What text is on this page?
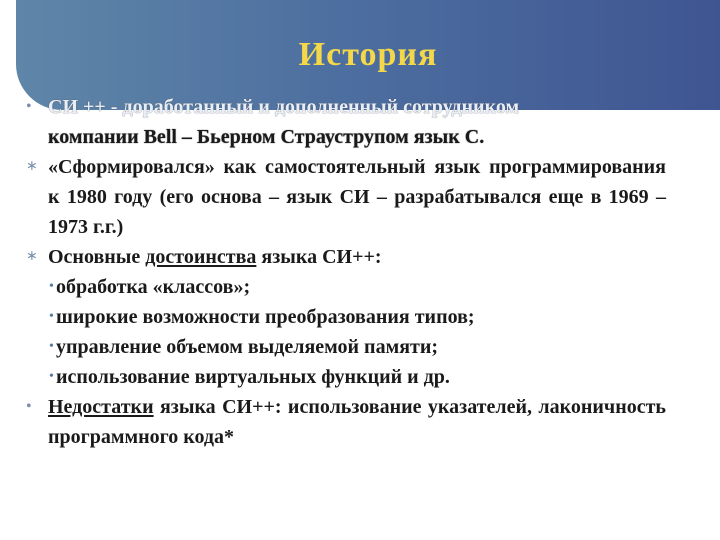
История
• СИ ++ - доработанный и дополненный сотрудником
компании Bell – Бьерном Страуструпом язык С.
∗ «Сформировался» как самостоятельный язык программирования к 1980 году (его основа – язык СИ – разрабатывался еще в 1969 – 1973 г.г.)
∗ Основные достоинства языка СИ++:
• обработка «классов»;
• широкие возможности преобразования типов;
• управление объемом выделяемой памяти;
• использование виртуальных функций и др.
• Недостатки языка СИ++: использование указателей, лаконичность программного кода*
